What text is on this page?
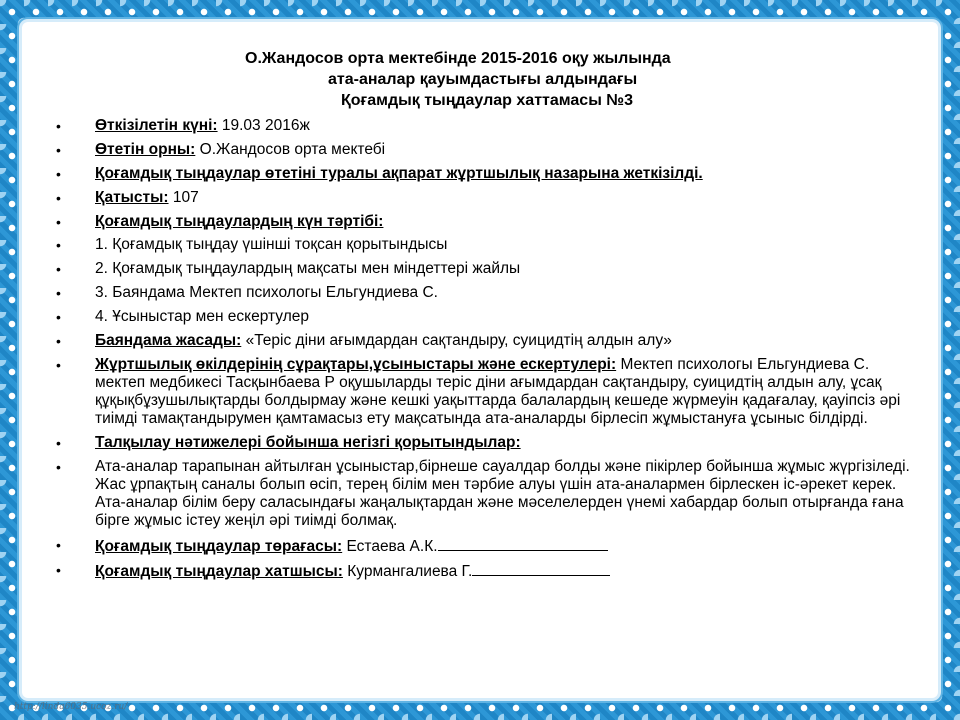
О.Жандосов орта мектебінде 2015-2016 оқу жылында
ата-аналар қауымдастығы алдындағы
Қоғамдық тыңдаулар хаттамасы №3
• Өткізілетін күні: 19.03 2016ж
• Өтетін орны: О.Жандосов орта мектебі
• Қоғамдық тыңдаулар өтетіні туралы ақпарат жұртшылық назарына жеткізілді.
• Қатысты: 107
• Қоғамдық тыңдаулардың күн тәртібі:
• 1. Қоғамдық тыңдау үшінші тоқсан қорытындысы
• 2. Қоғамдық тыңдаулардың мақсаты мен міндеттері жайлы
• 3. Баяндама Мектеп психологы Ельгундиева С.
• 4. Ұсыныстар мен ескертулер
• Баяндама жасады: «Теріс діни ағымдардан сақтандыру, суицидтің алдын алу»
• Жұртшылық өкілдерінің сұрақтары,ұсыныстары және ескертулері: Мектеп психологы Ельгундиева С. мектеп медбикесі Тасқынбаева Р оқушыларды теріс діни ағымдардан сақтандыру, суицидтің алдын алу, ұсақ құқықбұзушылықтарды болдырмау және кешкі уақыттарда балалардың кешеде жүрмеуін қадағалау, қауіпсіз әрі тиімді тамақтандырумен қамтамасыз ету мақсатында ата-аналарды бірлесіп жұмыстануға ұсыныс білдірді.
• Талқылау нәтижелері бойынша негізгі қорытындылар:
• Ата-аналар тарапынан айтылған ұсыныстар,бірнеше сауалдар болды және пікірлер бойынша жұмыс жүргізіледі. Жас ұрпақтың саналы болып өсіп, терең білім мен тәрбие алуы үшін ата-аналармен бірлескен іс-әрекет керек. Ата-аналар білім беру саласындағы жаңалықтардан және мәселелерден үнемі хабардар болып отырғанда ғана бірге жұмыс істеу жеңіл әрі тиімді болмақ.
• Қоғамдық тыңдаулар төрағасы: Естаева А.К.
• Қоғамдық тыңдаулар хатшысы: Курмангалиева Г.
http://linda6035.ucoz.ru/
